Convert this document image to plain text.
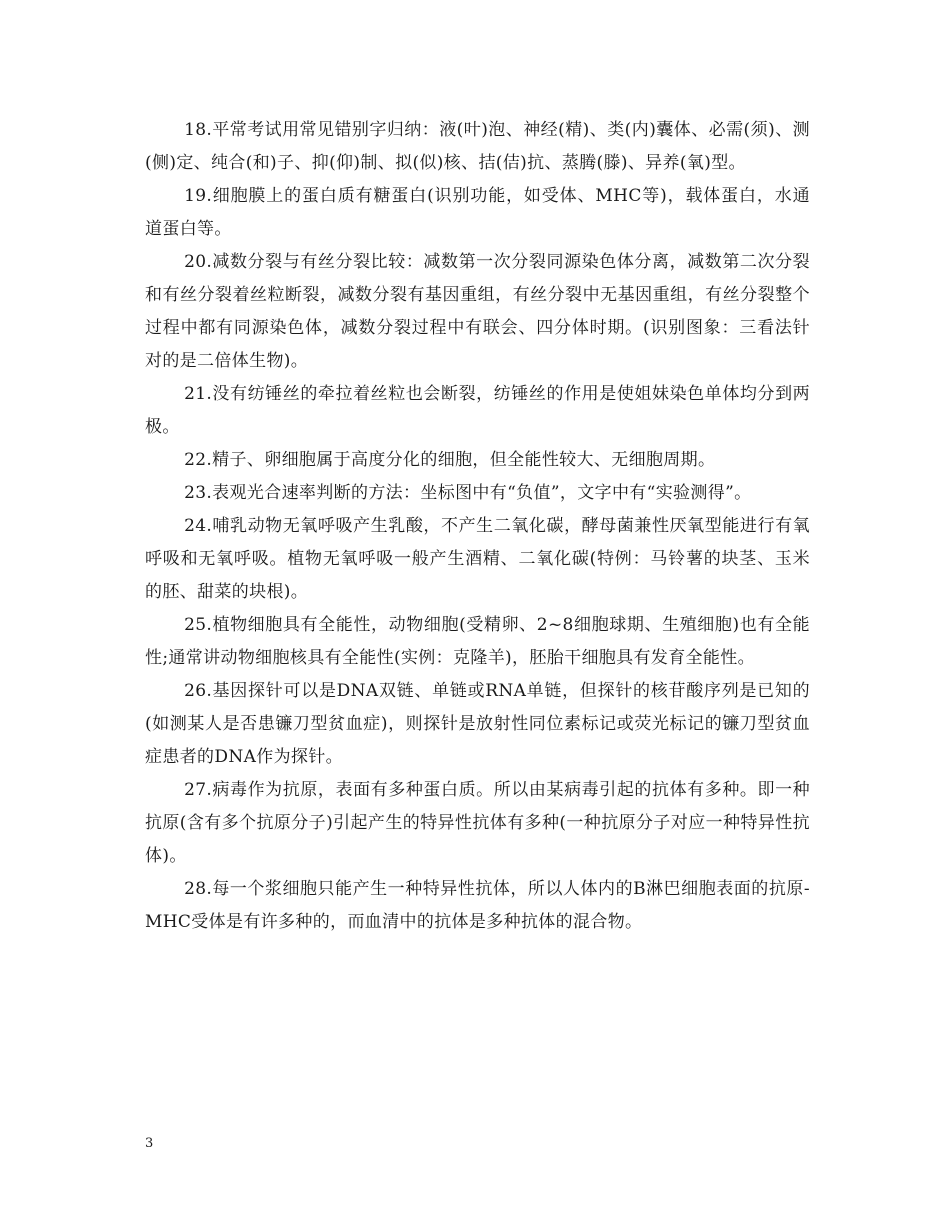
18.平常考试用常见错别字归纳：液(叶)泡、神经(精)、类(内)囊体、必需(须)、测(侧)定、纯合(和)子、抑(仰)制、拟(似)核、拮(佶)抗、蒸腾(滕)、异养(氧)型。

19.细胞膜上的蛋白质有糖蛋白(识别功能，如受体、MHC等)，载体蛋白，水通道蛋白等。

20.减数分裂与有丝分裂比较：减数第一次分裂同源染色体分离，减数第二次分裂和有丝分裂着丝粒断裂，减数分裂有基因重组，有丝分裂中无基因重组，有丝分裂整个过程中都有同源染色体，减数分裂过程中有联会、四分体时期。(识别图象：三看法针对的是二倍体生物)。

21.没有纺锤丝的牵拉着丝粒也会断裂，纺锤丝的作用是使姐妹染色单体均分到两极。

22.精子、卵细胞属于高度分化的细胞，但全能性较大、无细胞周期。

23.表观光合速率判断的方法：坐标图中有“负值”，文字中有“实验测得”。

24.哺乳动物无氧呼吸产生乳酸，不产生二氧化碳，酵母菌兼性厌氧型能进行有氧呼吸和无氧呼吸。植物无氧呼吸一般产生酒精、二氧化碳(特例：马铃薯的块茎、玉米的胚、甜菜的块根)。

25.植物细胞具有全能性，动物细胞(受精卵、2~8细胞球期、生殖细胞)也有全能性;通常讲动物细胞核具有全能性(实例：克隆羊)，胚胎干细胞具有发育全能性。

26.基因探针可以是DNA双链、单链或RNA单链，但探针的核苷酸序列是已知的(如测某人是否患镰刀型贫血症)，则探针是放射性同位素标记或荧光标记的镰刀型贫血症患者的DNA作为探针。

27.病毒作为抗原，表面有多种蛋白质。所以由某病毒引起的抗体有多种。即一种抗原(含有多个抗原分子)引起产生的特异性抗体有多种(一种抗原分子对应一种特异性抗体)。

28.每一个浆细胞只能产生一种特异性抗体，所以人体内的B淋巴细胞表面的抗原-MHC受体是有许多种的，而血清中的抗体是多种抗体的混合物。

3
